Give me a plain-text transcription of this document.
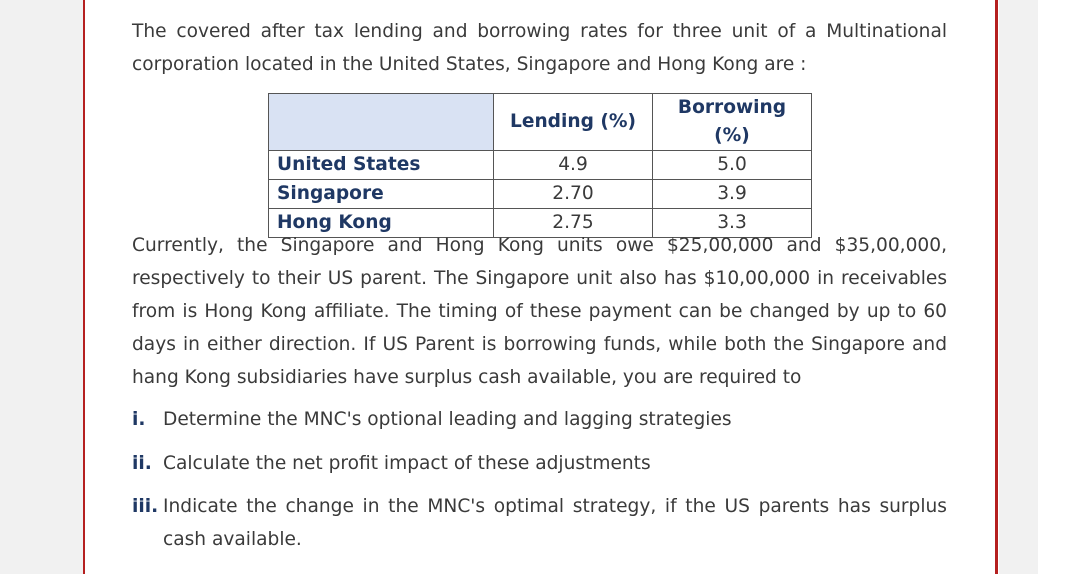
The covered after tax lending and borrowing rates for three unit of a Multinational corporation located in the United States, Singapore and Hong Kong are :

	Lending (%)	Borrowing (%)
United States	4.9	5.0
Singapore	2.70	3.9
Hong Kong	2.75	3.3

Currently, the Singapore and Hong Kong units owe $25,00,000 and $35,00,000, respectively to their US parent. The Singapore unit also has $10,00,000 in receivables from is Hong Kong affiliate. The timing of these payment can be changed by up to 60 days in either direction. If US Parent is borrowing funds, while both the Singapore and hang Kong subsidiaries have surplus cash available, you are required to

i. Determine the MNC's optional leading and lagging strategies
ii. Calculate the net profit impact of these adjustments
iii. Indicate the change in the MNC's optimal strategy, if the US parents has surplus cash available.
